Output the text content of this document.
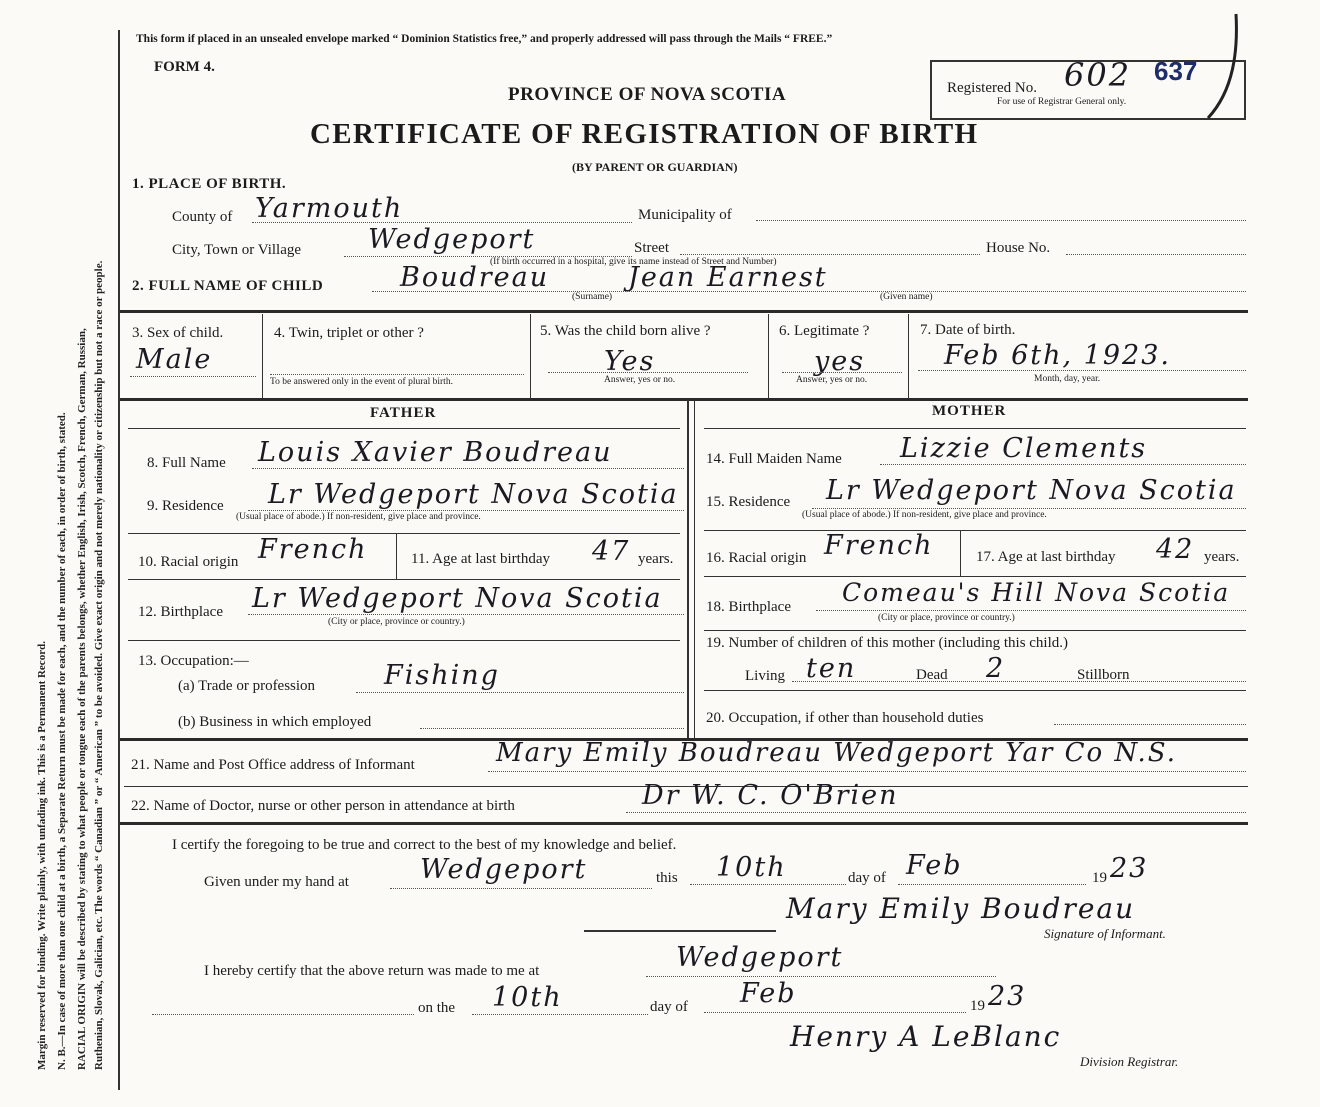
Margin reserved for binding. Write plainly, with unfading ink. This is a Permanent Record. N. B.—In case of more than one child at a birth, a Separate Return must be made for each, and the number of each, in order of birth, stated. RACIAL ORIGIN will be described by stating to what people or tongue each of the parents belongs, whether English, Irish, Scotch, French, German, Russian, Ruthenian, Slovak, Galician, etc. The words “ Canadian ” or “ American ” to be avoided. Give exact origin and not merely nationality or citizenship but not a race or people.
This form if placed in an unsealed envelope marked “ Dominion Statistics free,” and properly addressed will pass through the Mails “ FREE.”
FORM 4.
PROVINCE OF NOVA SCOTIA
CERTIFICATE OF REGISTRATION OF BIRTH
(BY PARENT OR GUARDIAN)
Registered No. 602 637
For use of Registrar General only.
1. PLACE OF BIRTH.
County of Yarmouth	Municipality of
City, Town or Village Wedgeport	Street	House No.
(If birth occurred in a hospital, give its name instead of Street and Number)
2. FULL NAME OF CHILD	Boudreau	Jean Earnest
(Surname)	(Given name)
3. Sex of child.
Male
4. Twin, triplet or other ?
To be answered only in the event of plural birth.
5. Was the child born alive ?
Yes
Answer, yes or no.
6. Legitimate ?
yes
Answer, yes or no.
7. Date of birth.
Feb 6th, 1923.
Month, day, year.
FATHER	MOTHER
8. Full Name Louis Xavier Boudreau
9. Residence Lr Wedgeport Nova Scotia
(Usual place of abode.) If non-resident, give place and province.
10. Racial origin French	11. Age at last birthday 47 years.
12. Birthplace Lr Wedgeport Nova Scotia
(City or place, province or country.)
13. Occupation:—
(a) Trade or profession	Fishing
(b) Business in which employed
14. Full Maiden Name Lizzie Clements
15. Residence Lr Wedgeport Nova Scotia
(Usual place of abode.) If non-resident, give place and province.
16. Racial origin French	17. Age at last birthday 42 years.
18. Birthplace Comeau's Hill Nova Scotia
(City or place, province or country.)
19. Number of children of this mother (including this child.)
Living ten	Dead 2	Stillborn
20. Occupation, if other than household duties
21. Name and Post Office address of Informant	Mary Emily Boudreau Wedgeport Yar Co N.S.
22. Name of Doctor, nurse or other person in attendance at birth	Dr W. C. O'Brien
I certify the foregoing to be true and correct to the best of my knowledge and belief.
Given under my hand at	Wedgeport	this 10th	day of Feb	19 23
Mary Emily Boudreau
Signature of Informant.
I hereby certify that the above return was made to me at	Wedgeport
on the 10th	day of Feb	19 23
Henry A LeBlanc
Division Registrar.
